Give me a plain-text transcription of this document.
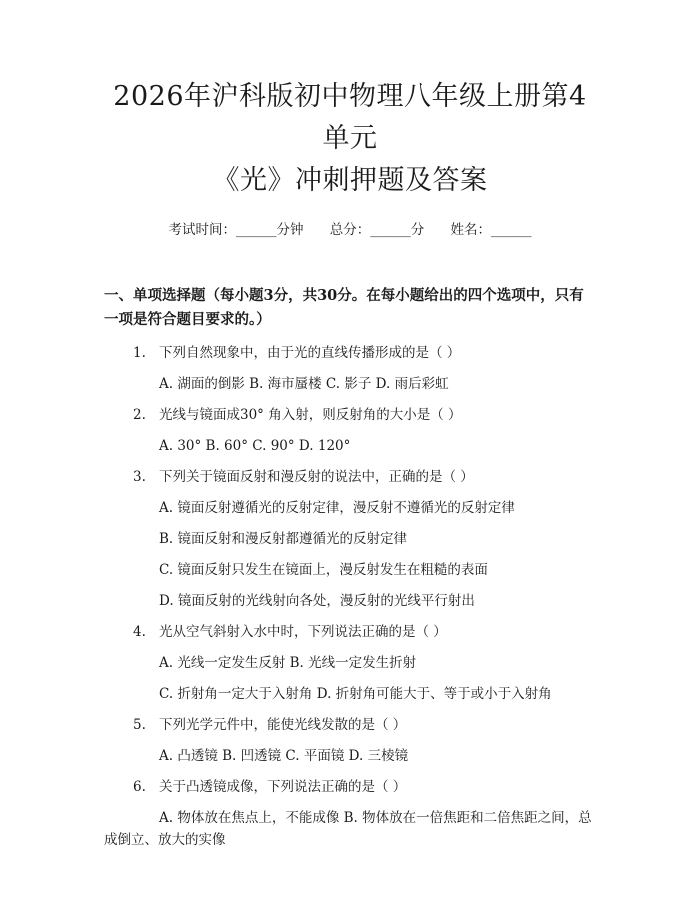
2026年沪科版初中物理八年级上册第4单元
《光》冲刺押题及答案
考试时间：______分钟 总分：______分 姓名：______
一、单项选择题（每小题3分，共30分。在每小题给出的四个选项中，只有一项是符合题目要求的。）
1. 下列自然现象中，由于光的直线传播形成的是（ ）
A. 湖面的倒影 B. 海市蜃楼 C. 影子 D. 雨后彩虹
2. 光线与镜面成30° 角入射，则反射角的大小是（ ）
A. 30° B. 60° C. 90° D. 120°
3. 下列关于镜面反射和漫反射的说法中，正确的是（ ）
A. 镜面反射遵循光的反射定律，漫反射不遵循光的反射定律
B. 镜面反射和漫反射都遵循光的反射定律
C. 镜面反射只发生在镜面上，漫反射发生在粗糙的表面
D. 镜面反射的光线射向各处，漫反射的光线平行射出
4. 光从空气斜射入水中时，下列说法正确的是（ ）
A. 光线一定发生反射 B. 光线一定发生折射
C. 折射角一定大于入射角 D. 折射角可能大于、等于或小于入射角
5. 下列光学元件中，能使光线发散的是（ ）
A. 凸透镜 B. 凹透镜 C. 平面镜 D. 三棱镜
6. 关于凸透镜成像，下列说法正确的是（ ）
A. 物体放在焦点上，不能成像 B. 物体放在一倍焦距和二倍焦距之间，总成倒立、放大的实像
